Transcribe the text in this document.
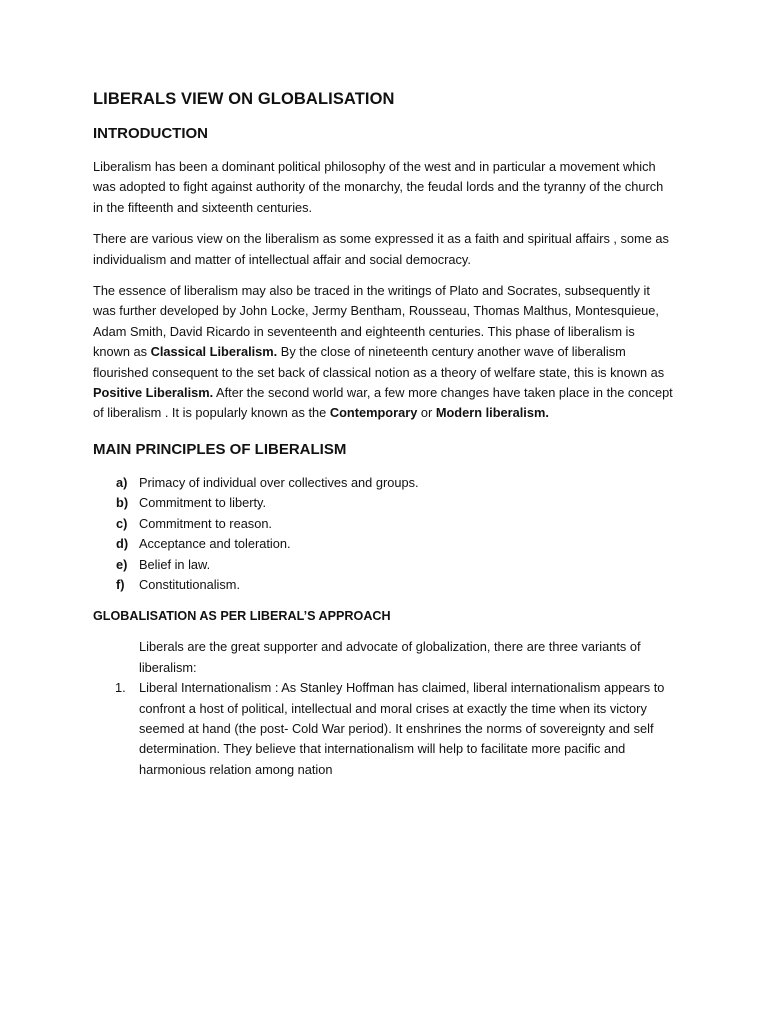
LIBERALS VIEW ON GLOBALISATION
INTRODUCTION

Liberalism has been a dominant political philosophy of the west and in particular a movement which was adopted to fight against authority of the monarchy, the feudal lords and the tyranny of the church in the fifteenth and sixteenth centuries.

There are various view on the liberalism as some expressed it as a faith and spiritual affairs , some as individualism and matter of intellectual affair and social democracy.

The essence of liberalism may also be traced in the writings of Plato and Socrates, subsequently it was further developed by John Locke, Jermy Bentham, Rousseau, Thomas Malthus, Montesquieue, Adam Smith, David Ricardo in seventeenth and eighteenth centuries. This phase of liberalism is known as Classical Liberalism. By the close of nineteenth century another wave of liberalism flourished consequent to the set back of classical notion as a theory of welfare state, this is known as Positive Liberalism. After the second world war, a few more changes have taken place in the concept of liberalism . It is popularly known as the Contemporary or Modern liberalism.

MAIN PRINCIPLES OF LIBERALISM
a) Primacy of individual over collectives and groups.
b) Commitment to liberty.
c) Commitment to reason.
d) Acceptance and toleration.
e) Belief in law.
f)	Constitutionalism.
GLOBALISATION AS PER LIBERAL’S APPROACH
Liberals are the great supporter and advocate of globalization, there are three variants of liberalism:
1.	Liberal Internationalism : As Stanley Hoffman has claimed, liberal internationalism appears to confront a host of political, intellectual and moral crises at exactly the time when its victory seemed at hand (the post- Cold War period). It enshrines the norms of sovereignty and self determination. They believe that internationalism will help to facilitate more pacific and harmonious relation among nation
